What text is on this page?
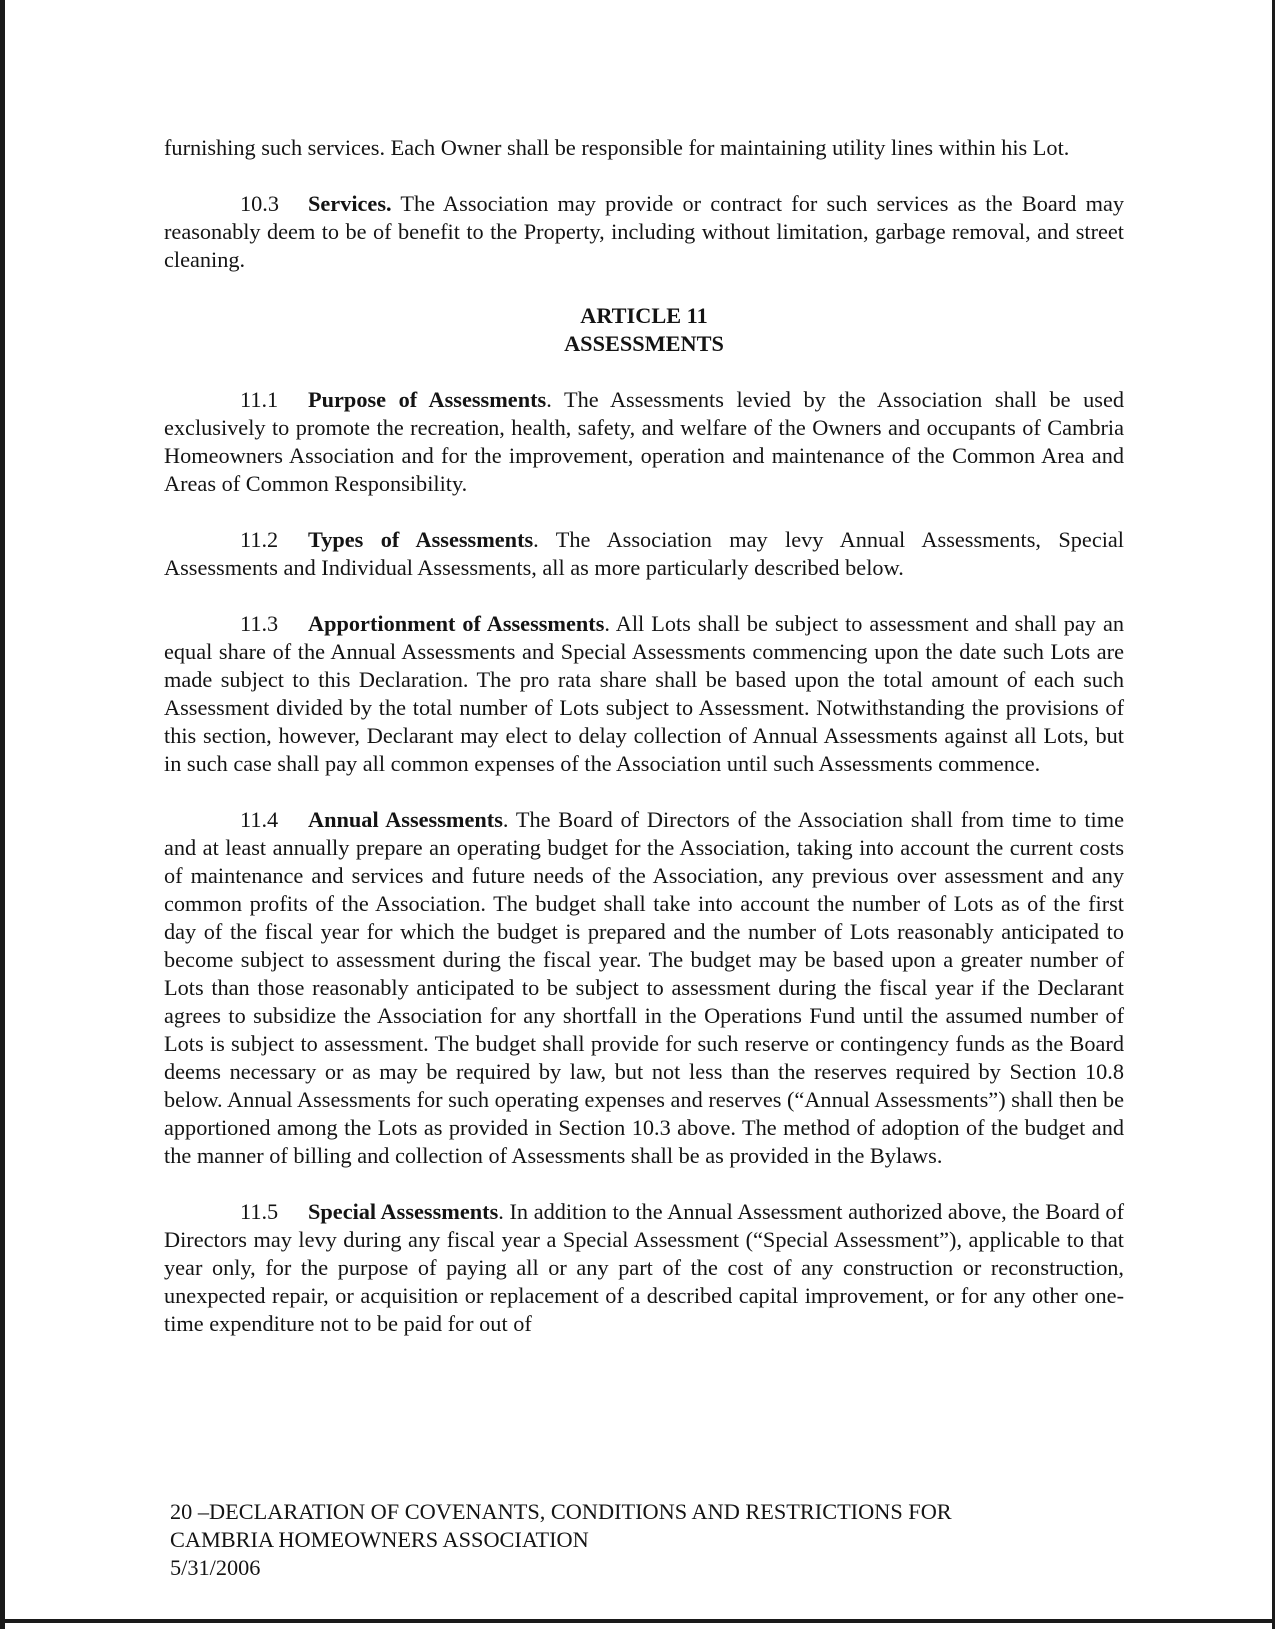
furnishing such services. Each Owner shall be responsible for maintaining utility lines within his Lot.

10.3 Services. The Association may provide or contract for such services as the Board may reasonably deem to be of benefit to the Property, including without limitation, garbage removal, and street cleaning.

ARTICLE 11
ASSESSMENTS

11.1 Purpose of Assessments. The Assessments levied by the Association shall be used exclusively to promote the recreation, health, safety, and welfare of the Owners and occupants of Cambria Homeowners Association and for the improvement, operation and maintenance of the Common Area and Areas of Common Responsibility.

11.2 Types of Assessments. The Association may levy Annual Assessments, Special Assessments and Individual Assessments, all as more particularly described below.

11.3 Apportionment of Assessments. All Lots shall be subject to assessment and shall pay an equal share of the Annual Assessments and Special Assessments commencing upon the date such Lots are made subject to this Declaration. The pro rata share shall be based upon the total amount of each such Assessment divided by the total number of Lots subject to Assessment. Notwithstanding the provisions of this section, however, Declarant may elect to delay collection of Annual Assessments against all Lots, but in such case shall pay all common expenses of the Association until such Assessments commence.

11.4 Annual Assessments. The Board of Directors of the Association shall from time to time and at least annually prepare an operating budget for the Association, taking into account the current costs of maintenance and services and future needs of the Association, any previous over assessment and any common profits of the Association. The budget shall take into account the number of Lots as of the first day of the fiscal year for which the budget is prepared and the number of Lots reasonably anticipated to become subject to assessment during the fiscal year. The budget may be based upon a greater number of Lots than those reasonably anticipated to be subject to assessment during the fiscal year if the Declarant agrees to subsidize the Association for any shortfall in the Operations Fund until the assumed number of Lots is subject to assessment. The budget shall provide for such reserve or contingency funds as the Board deems necessary or as may be required by law, but not less than the reserves required by Section 10.8 below. Annual Assessments for such operating expenses and reserves (“Annual Assessments”) shall then be apportioned among the Lots as provided in Section 10.3 above. The method of adoption of the budget and the manner of billing and collection of Assessments shall be as provided in the Bylaws.

11.5 Special Assessments. In addition to the Annual Assessment authorized above, the Board of Directors may levy during any fiscal year a Special Assessment (“Special Assessment”), applicable to that year only, for the purpose of paying all or any part of the cost of any construction or reconstruction, unexpected repair, or acquisition or replacement of a described capital improvement, or for any other one-time expenditure not to be paid for out of

20 –DECLARATION OF COVENANTS, CONDITIONS AND RESTRICTIONS FOR
CAMBRIA HOMEOWNERS ASSOCIATION
5/31/2006
